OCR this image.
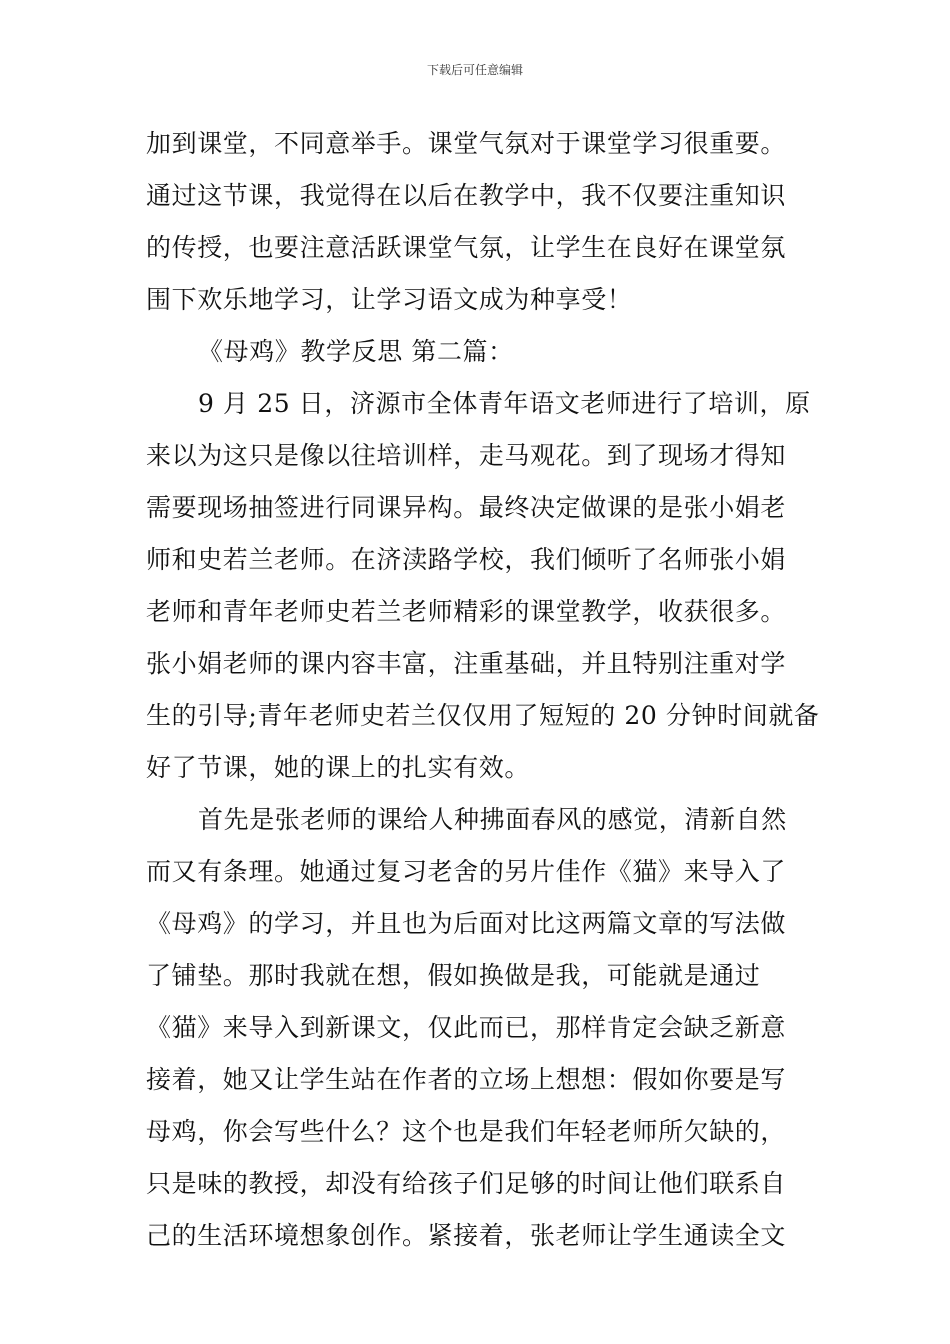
下载后可任意编辑
加到课堂，不同意举手。课堂气氛对于课堂学习很重要。
通过这节课，我觉得在以后在教学中，我不仅要注重知识
的传授，也要注意活跃课堂气氛，让学生在良好在课堂氛
围下欢乐地学习，让学习语文成为种享受！
《母鸡》教学反思 第二篇：
9 月 25 日，济源市全体青年语文老师进行了培训，原
来以为这只是像以往培训样，走马观花。到了现场才得知
需要现场抽签进行同课异构。最终决定做课的是张小娟老
师和史若兰老师。在济渎路学校，我们倾听了名师张小娟
老师和青年老师史若兰老师精彩的课堂教学，收获很多。
张小娟老师的课内容丰富，注重基础，并且特别注重对学
生的引导;青年老师史若兰仅仅用了短短的 20 分钟时间就备
好了节课，她的课上的扎实有效。
首先是张老师的课给人种拂面春风的感觉，清新自然
而又有条理。她通过复习老舍的另片佳作《猫》来导入了
《母鸡》的学习，并且也为后面对比这两篇文章的写法做
了铺垫。那时我就在想，假如换做是我，可能就是通过
《猫》来导入到新课文，仅此而已，那样肯定会缺乏新意
接着，她又让学生站在作者的立场上想想：假如你要是写
母鸡，你会写些什么？这个也是我们年轻老师所欠缺的，
只是味的教授，却没有给孩子们足够的时间让他们联系自
己的生活环境想象创作。紧接着，张老师让学生通读全文
